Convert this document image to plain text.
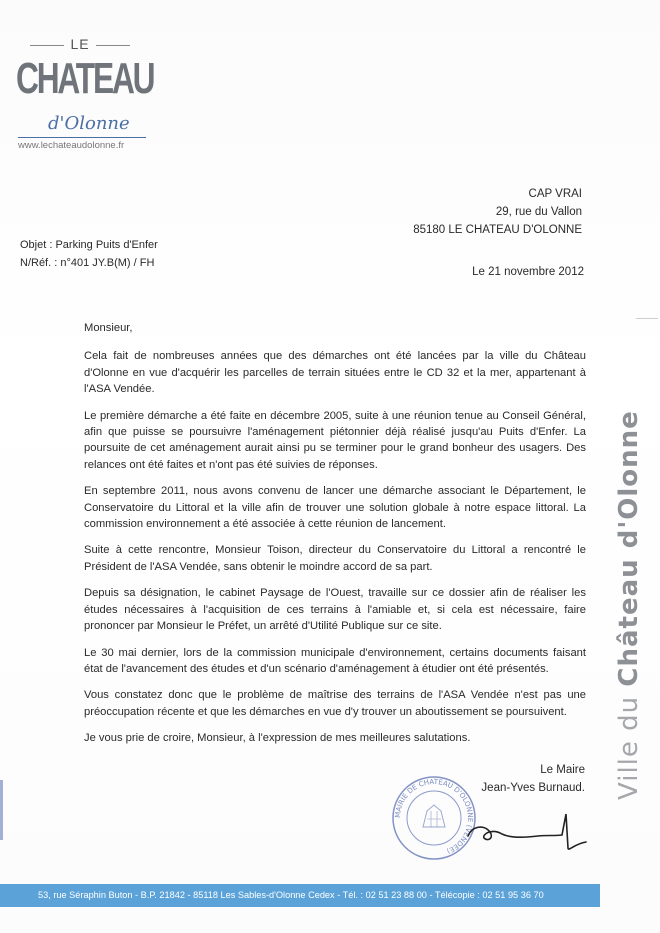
LE
CHATEAU
d'Olonne
www.lechateaudolonne.fr
CAP VRAI
29, rue du Vallon
85180 LE CHATEAU D'OLONNE
Objet : Parking Puits d'Enfer
N/Réf. : n°401 JY.B(M) / FH
Le 21 novembre 2012

Monsieur,

Cela fait de nombreuses années que des démarches ont été lancées par la ville du Château d'Olonne en vue d'acquérir les parcelles de terrain situées entre le CD 32 et la mer, appartenant à l'ASA Vendée.

Le première démarche a été faite en décembre 2005, suite à une réunion tenue au Conseil Général, afin que puisse se poursuivre l'aménagement piétonnier déjà réalisé jusqu'au Puits d'Enfer. La poursuite de cet aménagement aurait ainsi pu se terminer pour le grand bonheur des usagers. Des relances ont été faites et n'ont pas été suivies de réponses.

En septembre 2011, nous avons convenu de lancer une démarche associant le Département, le Conservatoire du Littoral et la ville afin de trouver une solution globale à notre espace littoral. La commission environnement a été associée à cette réunion de lancement.

Suite à cette rencontre, Monsieur Toison, directeur du Conservatoire du Littoral a rencontré le Président de l'ASA Vendée, sans obtenir le moindre accord de sa part.

Depuis sa désignation, le cabinet Paysage de l'Ouest, travaille sur ce dossier afin de réaliser les études nécessaires à l'acquisition de ces terrains à l'amiable et, si cela est nécessaire, faire prononcer par Monsieur le Préfet, un arrêté d'Utilité Publique sur ce site.

Le 30 mai dernier, lors de la commission municipale d'environnement, certains documents faisant état de l'avancement des études et d'un scénario d'aménagement à étudier ont été présentés.

Vous constatez donc que le problème de maîtrise des terrains de l'ASA Vendée n'est pas une préoccupation récente et que les démarches en vue d'y trouver un aboutissement se poursuivent.

Je vous prie de croire, Monsieur, à l'expression de mes meilleures salutations.

Le Maire
Jean-Yves Burnaud.
MAIRIE DE CHATEAU D'OLONNE (VENDÉE)
Ville du Château d'Olonne
53, rue Séraphin Buton - B.P. 21842 - 85118 Les Sables-d'Olonne Cedex - Tél. : 02 51 23 88 00 - Télécopie : 02 51 95 36 70
